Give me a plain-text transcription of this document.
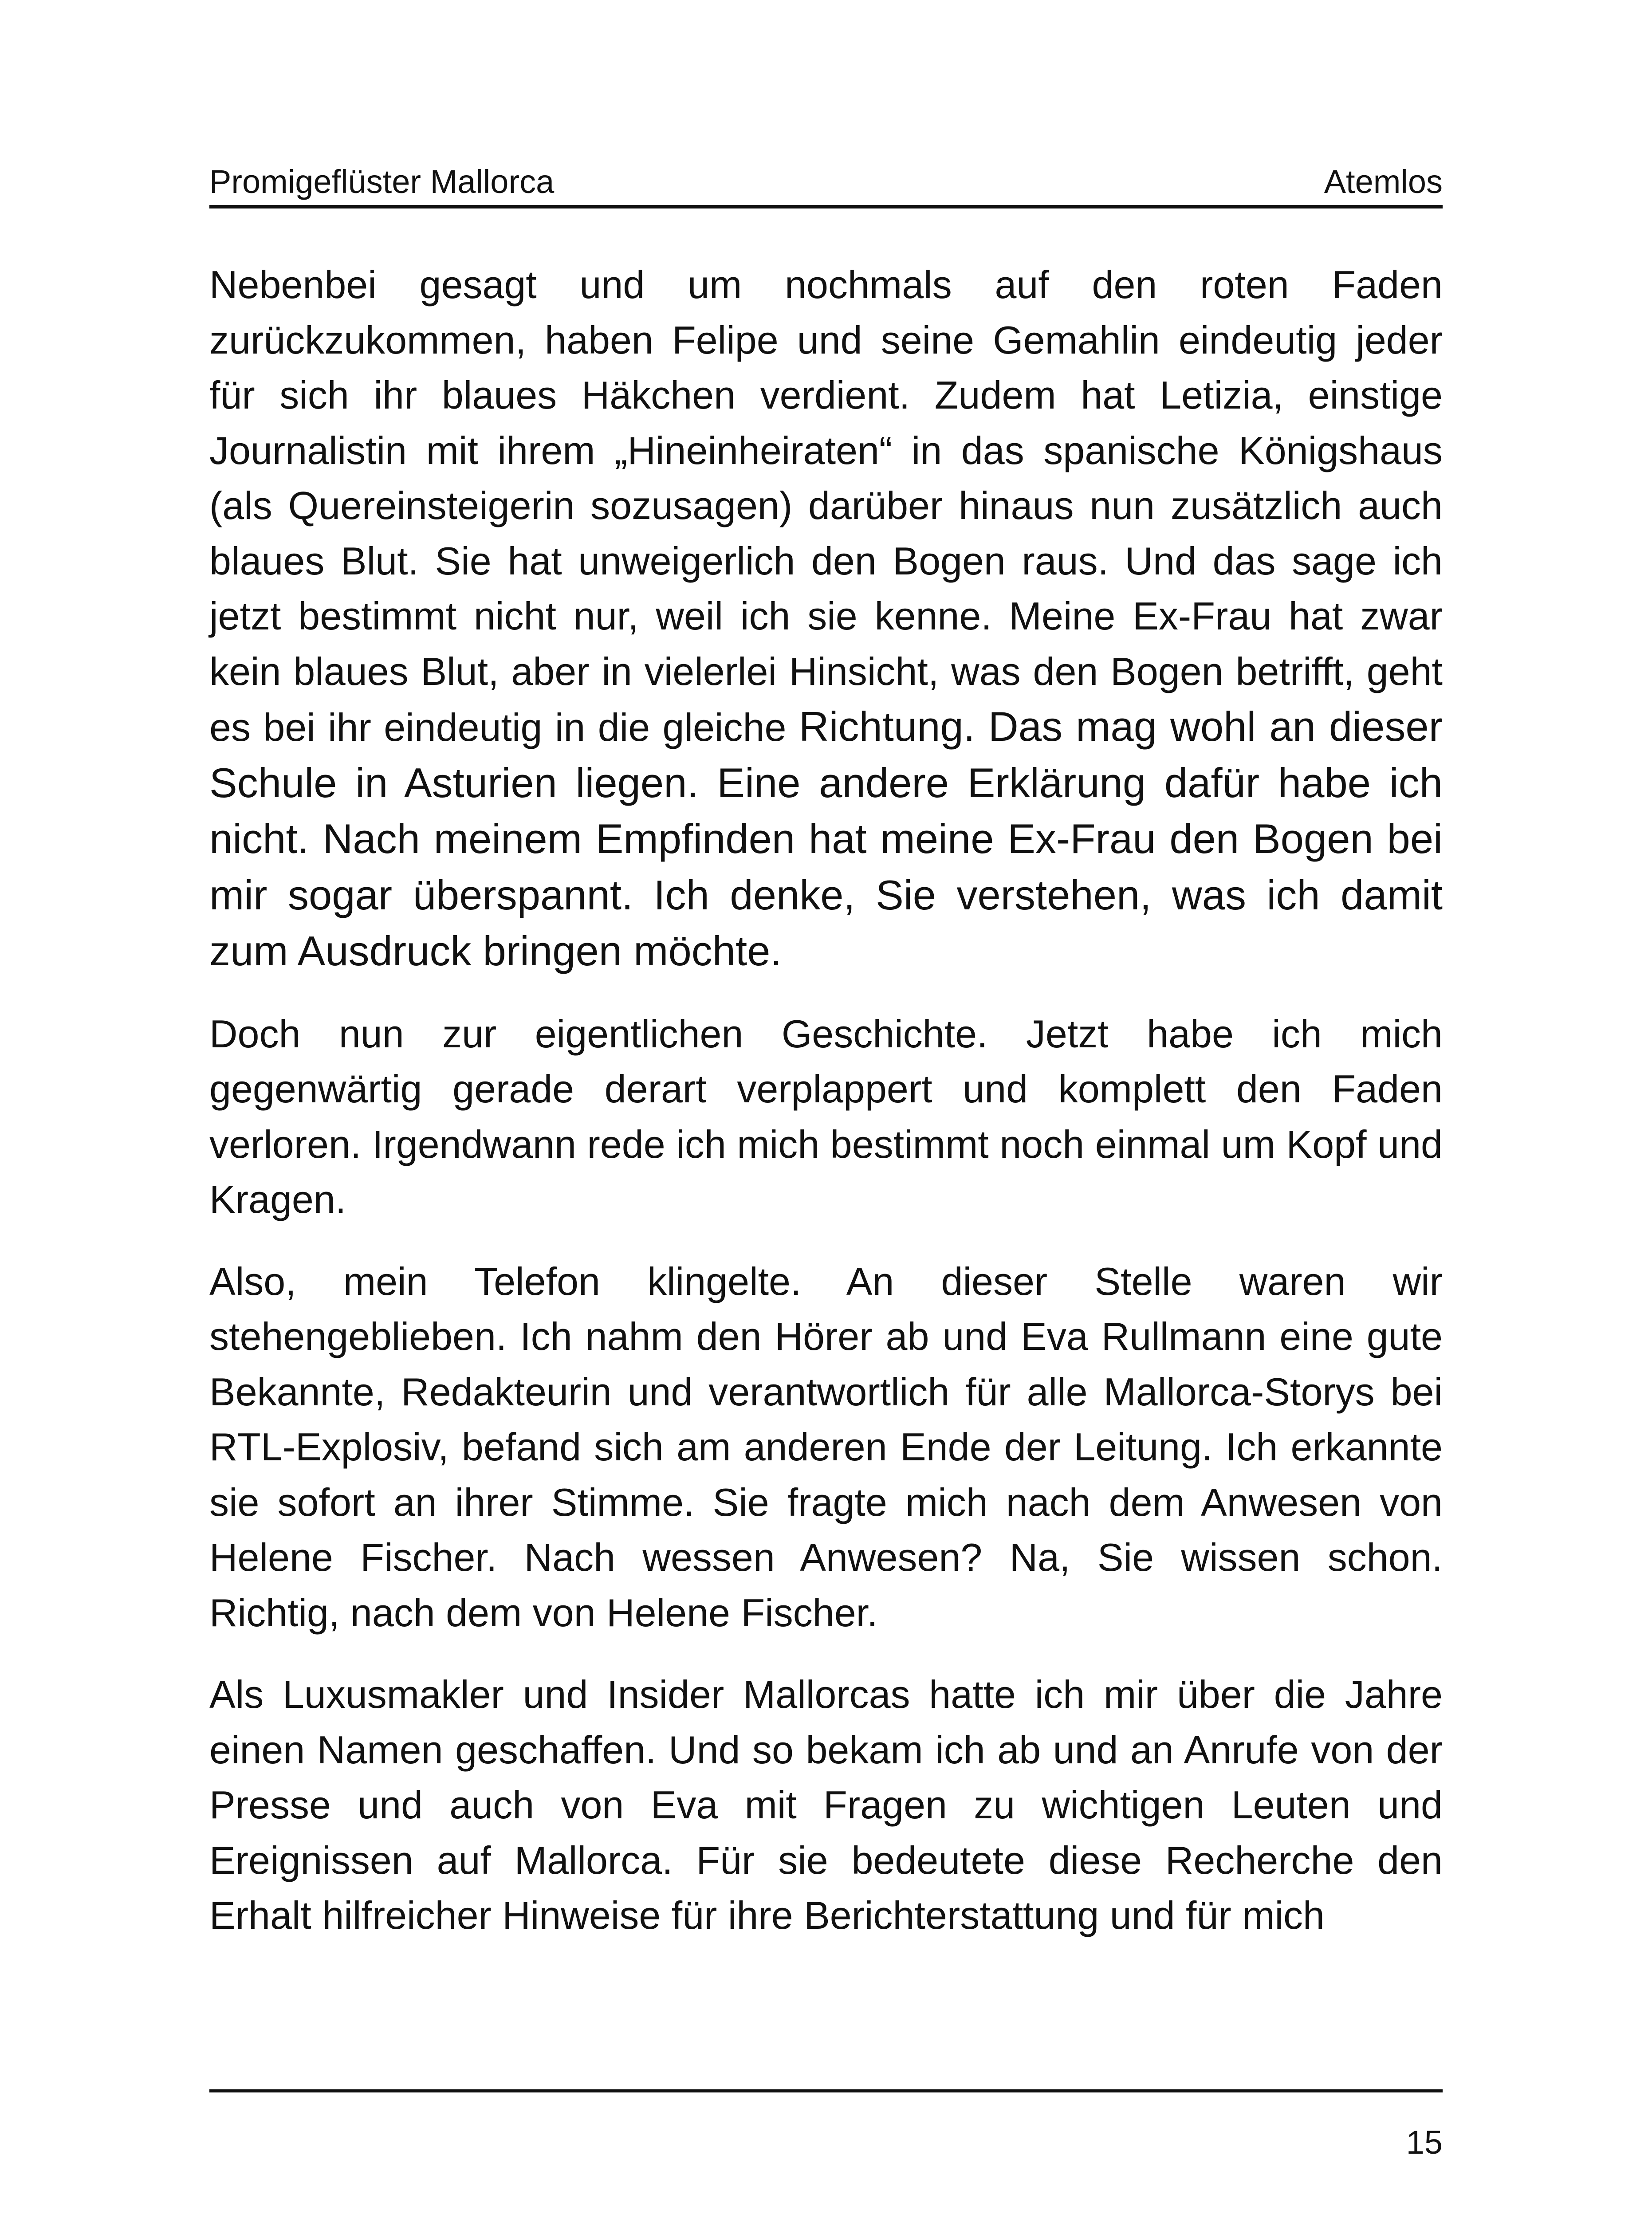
Promigeflüster Mallorca	Atemlos

Nebenbei gesagt und um nochmals auf den roten Faden zurückzukommen, haben Felipe und seine Gemahlin eindeutig jeder für sich ihr blaues Häkchen verdient. Zudem hat Letizia, einstige Journalistin mit ihrem „Hineinheiraten“ in das spanische Königshaus (als Quereinsteigerin sozusagen) darüber hinaus nun zusätzlich auch blaues Blut. Sie hat unweigerlich den Bogen raus. Und das sage ich jetzt bestimmt nicht nur, weil ich sie kenne. Meine Ex-Frau hat zwar kein blaues Blut, aber in vielerlei Hinsicht, was den Bogen betrifft, geht es bei ihr eindeutig in die gleiche Richtung. Das mag wohl an dieser Schule in Asturien liegen. Eine andere Erklärung dafür habe ich nicht. Nach meinem Empfinden hat meine Ex-Frau den Bogen bei mir sogar überspannt. Ich denke, Sie verstehen, was ich damit zum Ausdruck bringen möchte.

Doch nun zur eigentlichen Geschichte. Jetzt habe ich mich gegenwärtig gerade derart verplappert und komplett den Faden verloren. Irgendwann rede ich mich bestimmt noch einmal um Kopf und Kragen.

Also, mein Telefon klingelte. An dieser Stelle waren wir stehengeblieben. Ich nahm den Hörer ab und Eva Rullmann eine gute Bekannte, Redakteurin und verantwortlich für alle Mallorca-Storys bei RTL-Explosiv, befand sich am anderen Ende der Leitung. Ich erkannte sie sofort an ihrer Stimme. Sie fragte mich nach dem Anwesen von Helene Fischer. Nach wessen Anwesen? Na, Sie wissen schon. Richtig, nach dem von Helene Fischer.

Als Luxusmakler und Insider Mallorcas hatte ich mir über die Jahre einen Namen geschaffen. Und so bekam ich ab und an Anrufe von der Presse und auch von Eva mit Fragen zu wichtigen Leuten und Ereignissen auf Mallorca. Für sie bedeutete diese Recherche den Erhalt hilfreicher Hinweise für ihre Berichterstattung und für mich

15
